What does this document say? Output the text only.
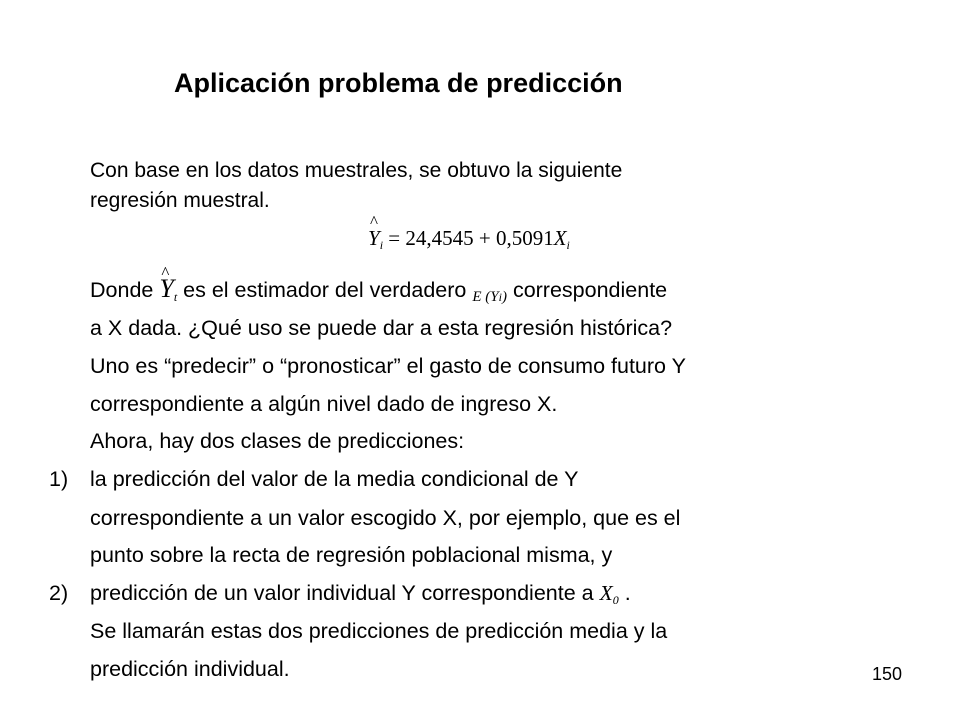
Aplicación problema de predicción
Con base en los datos muestrales, se obtuvo la siguiente
regresión muestral.
^ $Y_i = 24,4545 + 0,5091X_i$
Donde ^ $Y_t$ es el estimador del verdadero E $(Y_i)$ correspondiente
a X dada. ¿Qué uso se puede dar a esta regresión histórica?
Uno es “predecir” o “pronosticar” el gasto de consumo futuro Y
correspondiente a algún nivel dado de ingreso X.
Ahora, hay dos clases de predicciones:
1) la predicción del valor de la media condicional de Y
correspondiente a un valor escogido X, por ejemplo, que es el
punto sobre la recta de regresión poblacional misma, y
2) predicción de un valor individual Y correspondiente a $X_0$ .
Se llamarán estas dos predicciones de predicción media y la
predicción individual.	150
